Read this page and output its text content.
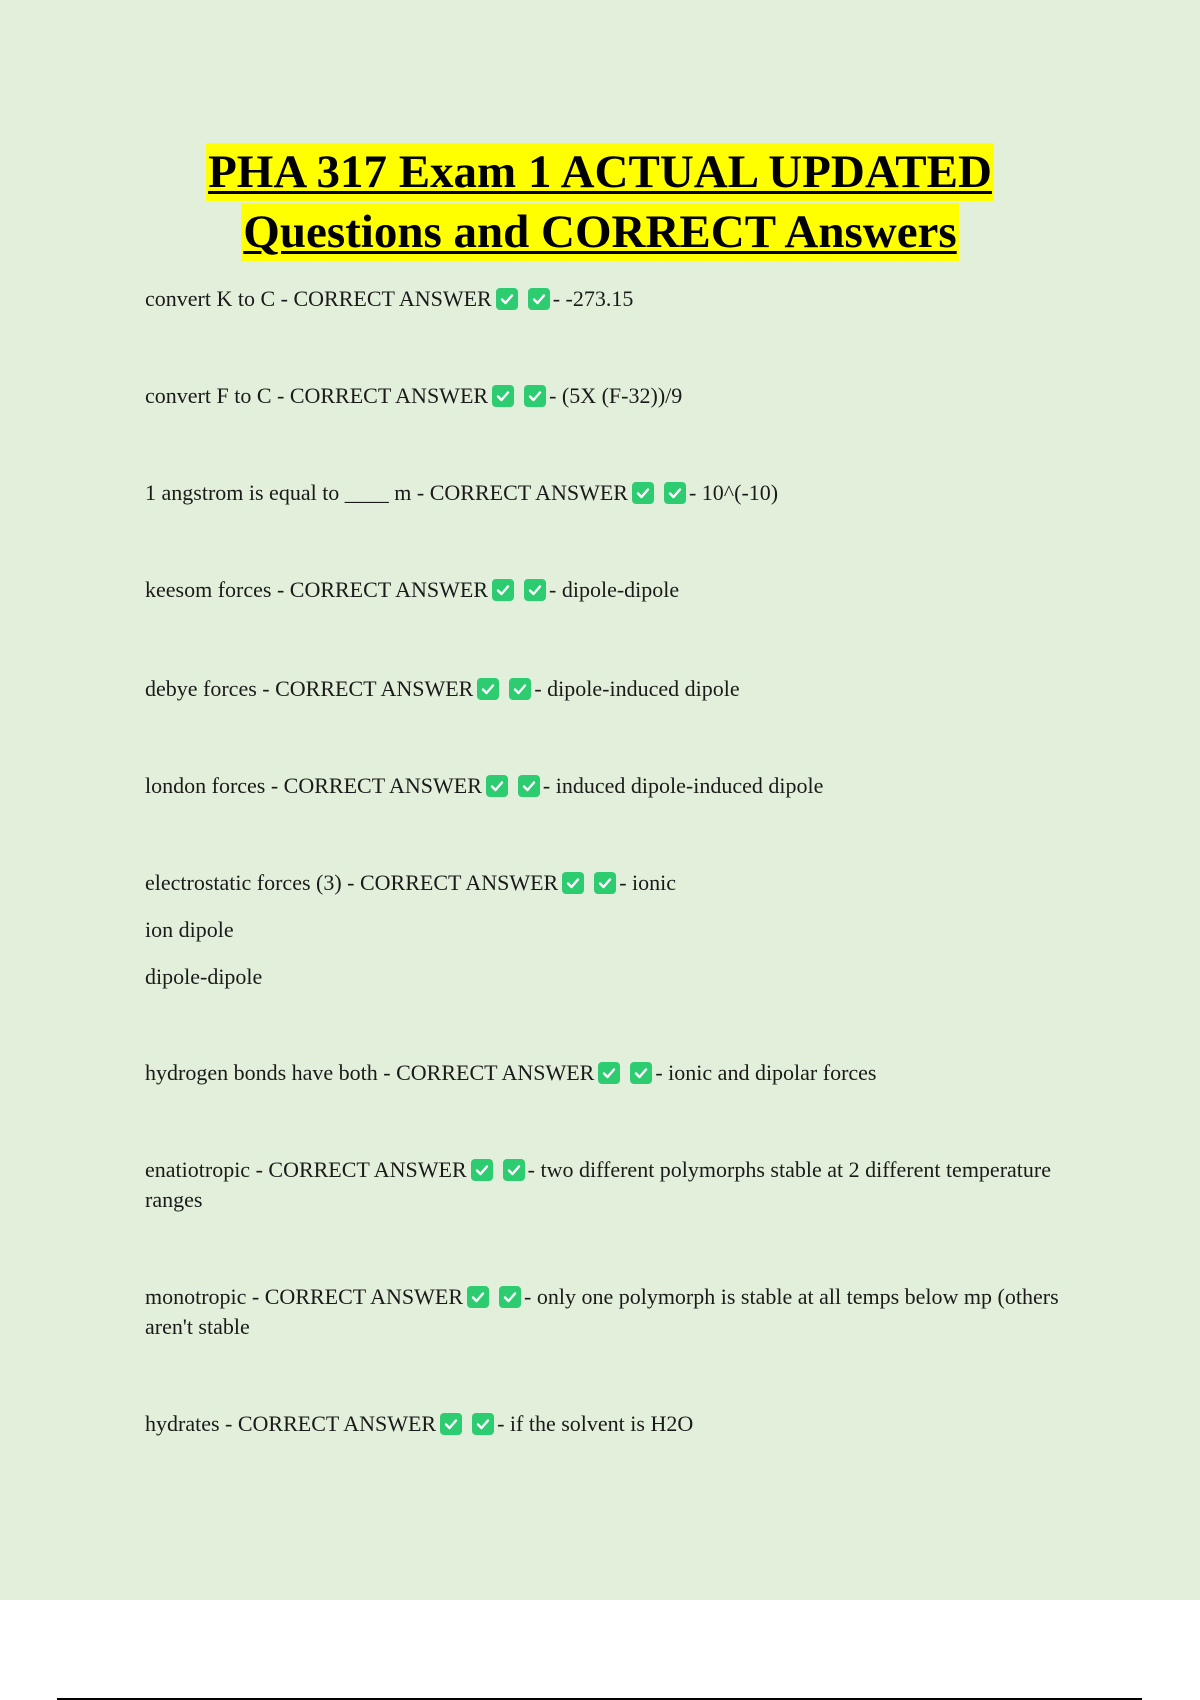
PHA 317 Exam 1 ACTUAL UPDATED
Questions and CORRECT Answers
convert K to C - CORRECT ANSWER	- -273.15
convert F to C - CORRECT ANSWER	- (5X (F-32))/9
1 angstrom is equal to ____ m - CORRECT ANSWER	- 10^(-10)
keesom forces - CORRECT ANSWER	- dipole-dipole
debye forces - CORRECT ANSWER	- dipole-induced dipole
london forces - CORRECT ANSWER	- induced dipole-induced dipole
electrostatic forces (3) - CORRECT ANSWER	- ionic
ion dipole
dipole-dipole
hydrogen bonds have both - CORRECT ANSWER	- ionic and dipolar forces
enatiotropic - CORRECT ANSWER	- two different polymorphs stable at 2 different temperature ranges
monotropic - CORRECT ANSWER	- only one polymorph is stable at all temps below mp (others aren't stable
hydrates - CORRECT ANSWER	- if the solvent is H2O
